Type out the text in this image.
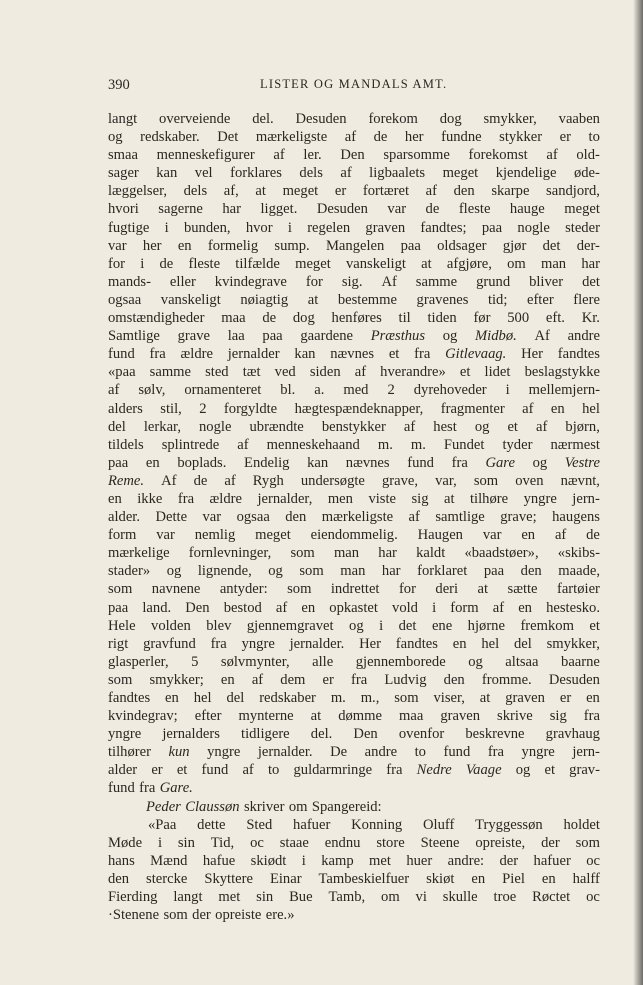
390	LISTER OG MANDALS AMT.
langt overveiende del. Desuden forekom dog smykker, vaaben
og redskaber. Det mærkeligste af de her fundne stykker er to
smaa menneskefigurer af ler. Den sparsomme forekomst af old-
sager kan vel forklares dels af ligbaalets meget kjendelige øde-
læggelser, dels af, at meget er fortæret af den skarpe sandjord,
hvori sagerne har ligget. Desuden var de fleste hauge meget
fugtige i bunden, hvor i regelen graven fandtes; paa nogle steder
var her en formelig sump. Mangelen paa oldsager gjør det der-
for i de fleste tilfælde meget vanskeligt at afgjøre, om man har
mands- eller kvindegrave for sig. Af samme grund bliver det
ogsaa vanskeligt nøiagtig at bestemme gravenes tid; efter flere
omstændigheder maa de dog henføres til tiden før 500 eft. Kr.
Samtlige grave laa paa gaardene Præsthus og Midbø. Af andre
fund fra ældre jernalder kan nævnes et fra Gitlevaag. Her fandtes
«paa samme sted tæt ved siden af hverandre» et lidet beslagstykke
af sølv, ornamenteret bl. a. med 2 dyrehoveder i mellemjern-
alders stil, 2 forgyldte hægtespændeknapper, fragmenter af en hel
del lerkar, nogle ubrændte benstykker af hest og et af bjørn,
tildels splintrede af menneskehaand m. m. Fundet tyder nærmest
paa en boplads. Endelig kan nævnes fund fra Gare og Vestre
Reme. Af de af Rygh undersøgte grave, var, som oven nævnt,
en ikke fra ældre jernalder, men viste sig at tilhøre yngre jern-
alder. Dette var ogsaa den mærkeligste af samtlige grave; haugens
form var nemlig meget eiendommelig. Haugen var en af de
mærkelige fornlevninger, som man har kaldt «baadstøer», «skibs-
stader» og lignende, og som man har forklaret paa den maade,
som navnene antyder: som indrettet for deri at sætte fartøier
paa land. Den bestod af en opkastet vold i form af en hestesko.
Hele volden blev gjennemgravet og i det ene hjørne fremkom et
rigt gravfund fra yngre jernalder. Her fandtes en hel del smykker,
glasperler, 5 sølvmynter, alle gjennemborede og altsaa baarne
som smykker; en af dem er fra Ludvig den fromme. Desuden
fandtes en hel del redskaber m. m., som viser, at graven er en
kvindegrav; efter mynterne at dømme maa graven skrive sig fra
yngre jernalders tidligere del. Den ovenfor beskrevne gravhaug
tilhører kun yngre jernalder. De andre to fund fra yngre jern-
alder er et fund af to guldarmringe fra Nedre Vaage og et grav-
fund fra Gare.
Peder Claussøn skriver om Spangereid:
«Paa dette Sted hafuer Konning Oluff Tryggessøn holdet
Møde i sin Tid, oc staae endnu store Steene opreiste, der som
hans Mænd hafue skiødt i kamp met huer andre: der hafuer oc
den stercke Skyttere Einar Tambeskielfuer skiøt en Piel en halff
Fierding langt met sin Bue Tamb, om vi skulle troe Røctet oc
·Stenene som der opreiste ere.»
